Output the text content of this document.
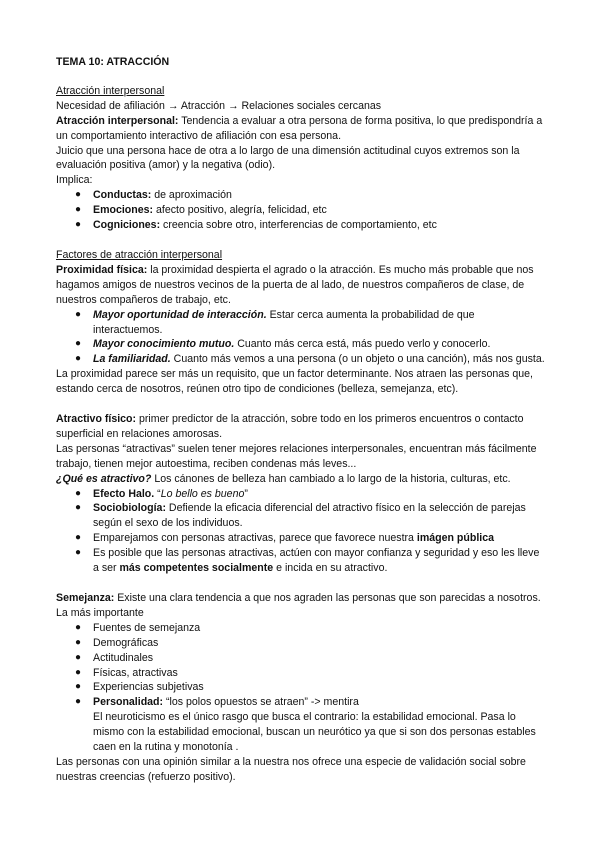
TEMA 10: ATRACCIÓN

Atracción interpersonal

Necesidad de afiliación → Atracción → Relaciones sociales cercanas

Atracción interpersonal: Tendencia a evaluar a otra persona de forma positiva, lo que predispondría a un comportamiento interactivo de afiliación con esa persona.

Juicio que una persona hace de otra a lo largo de una dimensión actitudinal cuyos extremos son la evaluación positiva (amor) y la negativa (odio).

Implica:

● Conductas: de aproximación
● Emociones: afecto positivo, alegría, felicidad, etc
● Cogniciones: creencia sobre otro, interferencias de comportamiento, etc

Factores de atracción interpersonal

Proximidad física: la proximidad despierta el agrado o la atracción. Es mucho más probable que nos hagamos amigos de nuestros vecinos de la puerta de al lado, de nuestros compañeros de clase, de nuestros compañeros de trabajo, etc.

● Mayor oportunidad de interacción. Estar cerca aumenta la probabilidad de que interactuemos.
● Mayor conocimiento mutuo. Cuanto más cerca está, más puedo verlo y conocerlo.
● La familiaridad. Cuanto más vemos a una persona (o un objeto o una canción), más nos gusta.

La proximidad parece ser más un requisito, que un factor determinante. Nos atraen las personas que, estando cerca de nosotros, reúnen otro tipo de condiciones (belleza, semejanza, etc).

Atractivo físico: primer predictor de la atracción, sobre todo en los primeros encuentros o contacto superficial en relaciones amorosas.

Las personas “atractivas” suelen tener mejores relaciones interpersonales, encuentran más fácilmente trabajo, tienen mejor autoestima, reciben condenas más leves...

¿Qué es atractivo? Los cánones de belleza han cambiado a lo largo de la historia, culturas, etc.

● Efecto Halo. “Lo bello es bueno”
● Sociobiología: Defiende la eficacia diferencial del atractivo físico en la selección de parejas según el sexo de los individuos.
● Emparejamos con personas atractivas, parece que favorece nuestra imágen pública
● Es posible que las personas atractivas, actúen con mayor confianza y seguridad y eso les lleve a ser más competentes socialmente e incida en su atractivo.

Semejanza: Existe una clara tendencia a que nos agraden las personas que son parecidas a nosotros. La más importante

● Fuentes de semejanza
● Demográficas
● Actitudinales
● Físicas, atractivas
● Experiencias subjetivas
● Personalidad: “los polos opuestos se atraen” -> mentira
El neuroticismo es el único rasgo que busca el contrario: la estabilidad emocional. Pasa lo mismo con la estabilidad emocional, buscan un neurótico ya que si son dos personas estables caen en la rutina y monotonía .

Las personas con una opinión similar a la nuestra nos ofrece una especie de validación social sobre nuestras creencias (refuerzo positivo).
